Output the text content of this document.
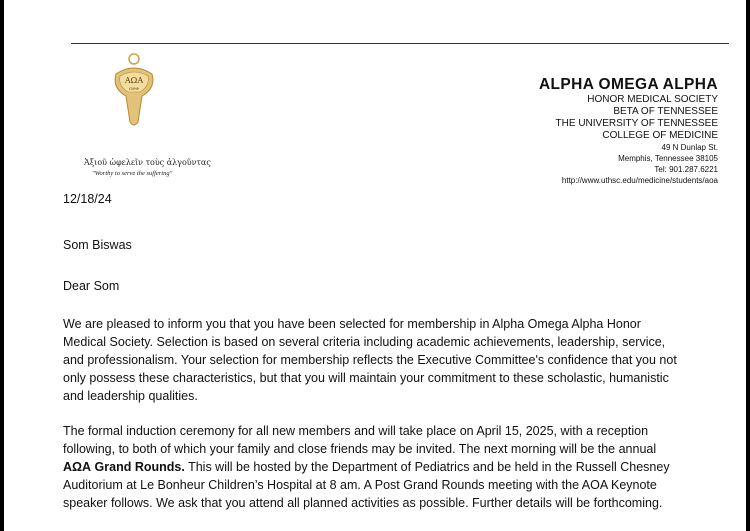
ΑΩΑ
ΟΦΦ
Ἀξιοῦ ὠφελεῖν τοὺς ἀλγοῦντας
"Worthy to serve the suffering"
ALPHA OMEGA ALPHA
HONOR MEDICAL SOCIETY
BETA OF TENNESSEE
THE UNIVERSITY OF TENNESSEE
COLLEGE OF MEDICINE
49 N Dunlap St.
Memphis, Tennessee 38105
Tel: 901.287.6221
http://www.uthsc.edu/medicine/students/aoa
12/18/24
Som Biswas
Dear Som
We are pleased to inform you that you have been selected for membership in Alpha Omega Alpha Honor Medical Society. Selection is based on several criteria including academic achievements, leadership, service, and professionalism. Your selection for membership reflects the Executive Committee's confidence that you not only possess these characteristics, but that you will maintain your commitment to these scholastic, humanistic and leadership qualities.
The formal induction ceremony for all new members and will take place on April 15, 2025, with a reception following, to both of which your family and close friends may be invited. The next morning will be the annual ΑΩΑ Grand Rounds. This will be hosted by the Department of Pediatrics and be held in the Russell Chesney Auditorium at Le Bonheur Children’s Hospital at 8 am. A Post Grand Rounds meeting with the AOA Keynote speaker follows. We ask that you attend all planned activities as possible. Further details will be forthcoming.
